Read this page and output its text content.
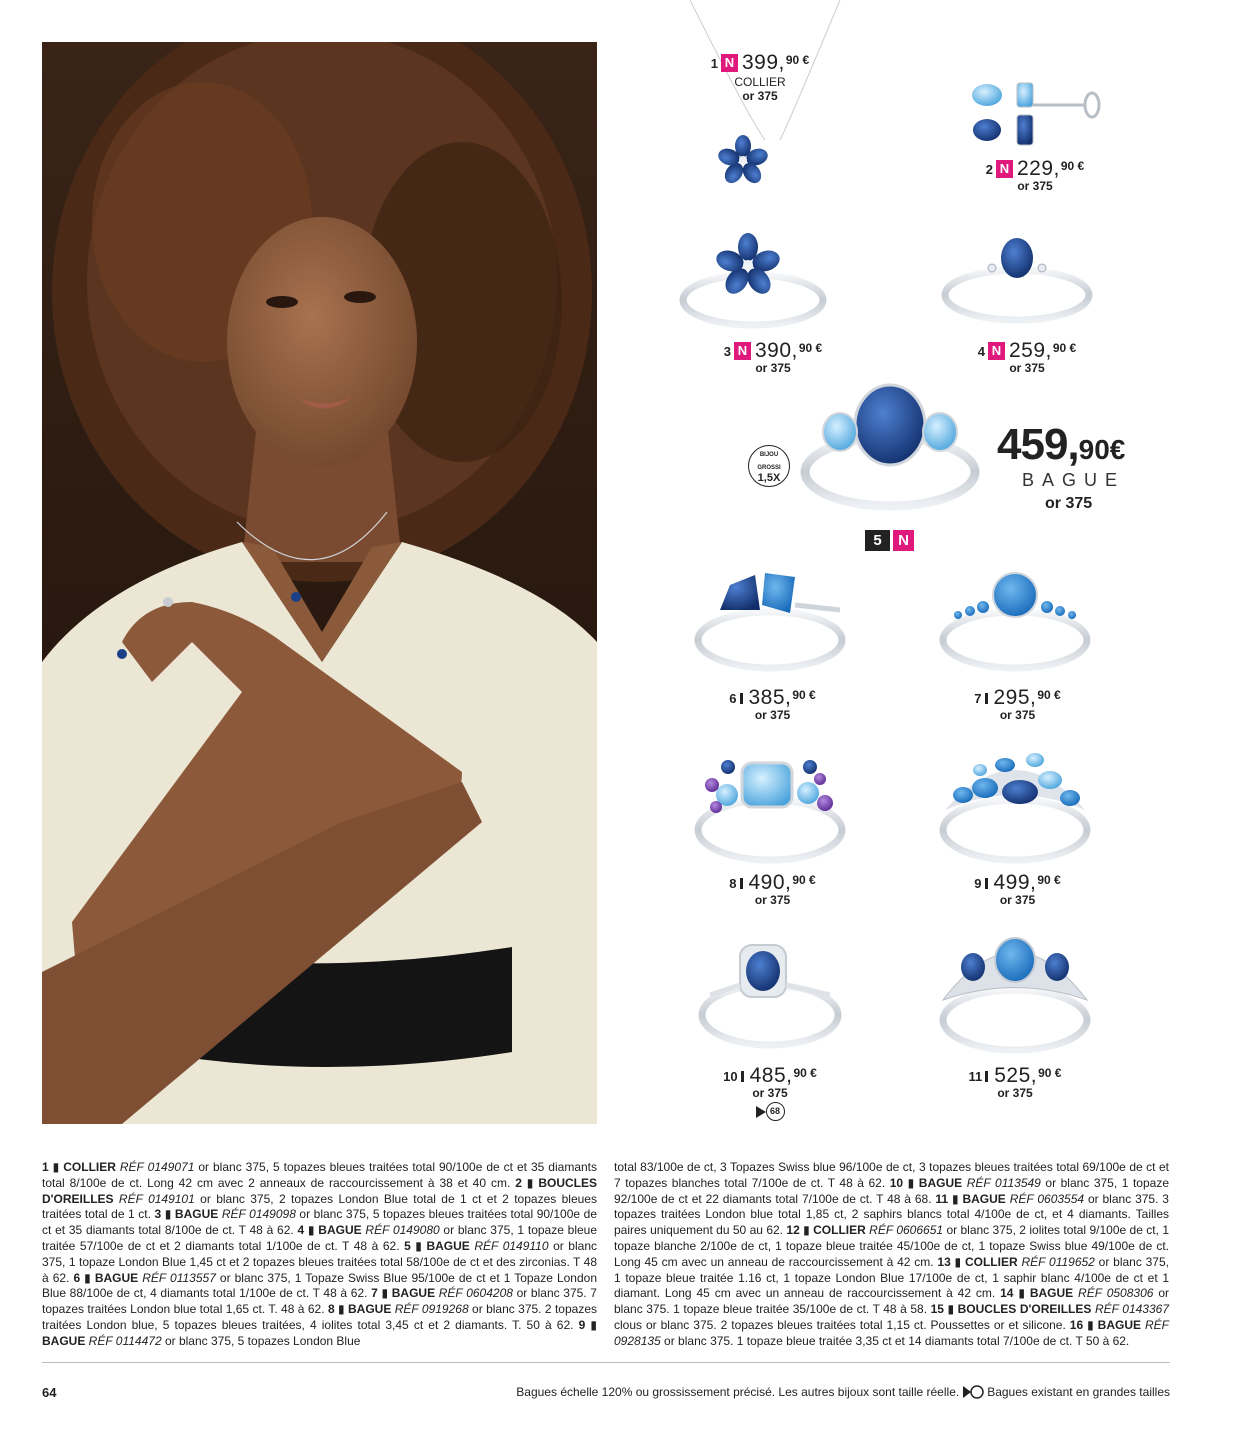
1 N 399, 90 €
COLLIER
or 375
2 N 229, 90 €
or 375
3 N 390, 90 €
or 375
4 N 259, 90 €
or 375
BIJOU
GROSSI
1,5X
459,90€
BAGUE
or 375
5	N
6 385, 90 €
or 375
7 295, 90 €
or 375
8 490, 90 €
or 375
9 499, 90 €
or 375
10 485, 90 €
or 375
68
11 525, 90 €
or 375
1 ▮ COLLIER RÉF 0149071 or blanc 375, 5 topazes bleues traitées total 90/100e de ct et 35 diamants total 8/100e de ct. Long 42 cm avec 2 anneaux de raccourcissement à 38 et 40 cm. 2 ▮ BOUCLES D'OREILLES RÉF 0149101 or blanc 375, 2 topazes London Blue total de 1 ct et 2 topazes bleues traitées total de 1 ct. 3 ▮ BAGUE RÉF 0149098 or blanc 375, 5 topazes bleues traitées total 90/100e de ct et 35 diamants total 8/100e de ct. T 48 à 62. 4 ▮ BAGUE RÉF 0149080 or blanc 375, 1 topaze bleue traitée 57/100e de ct et 2 diamants total 1/100e de ct. T 48 à 62. 5 ▮ BAGUE RÉF 0149110 or blanc 375, 1 topaze London Blue 1,45 ct et 2 topazes bleues traitées total 58/100e de ct et des zirconias. T 48 à 62. 6 ▮ BAGUE RÉF 0113557 or blanc 375, 1 Topaze Swiss Blue 95/100e de ct et 1 Topaze London Blue 88/100e de ct, 4 diamants total 1/100e de ct. T 48 à 62. 7 ▮ BAGUE RÉF 0604208 or blanc 375. 7 topazes traitées London blue total 1,65 ct. T. 48 à 62. 8 ▮ BAGUE RÉF 0919268 or blanc 375. 2 topazes traitées London blue, 5 topazes bleues traitées, 4 iolites total 3,45 ct et 2 diamants. T. 50 à 62. 9 ▮ BAGUE RÉF 0114472 or blanc 375, 5 topazes London Blue
total 83/100e de ct, 3 Topazes Swiss blue 96/100e de ct, 3 topazes bleues traitées total 69/100e de ct et 7 topazes blanches total 7/100e de ct. T 48 à 62. 10 ▮ BAGUE RÉF 0113549 or blanc 375, 1 topaze 92/100e de ct et 22 diamants total 7/100e de ct. T 48 à 68. 11 ▮ BAGUE RÉF 0603554 or blanc 375. 3 topazes traitées London blue total 1,85 ct, 2 saphirs blancs total 4/100e de ct, et 4 diamants. Tailles paires uniquement du 50 au 62. 12 ▮ COLLIER RÉF 0606651 or blanc 375, 2 iolites total 9/100e de ct, 1 topaze blanche 2/100e de ct, 1 topaze bleue traitée 45/100e de ct, 1 topaze Swiss blue 49/100e de ct. Long 45 cm avec un anneau de raccourcissement à 42 cm. 13 ▮ COLLIER RÉF 0119652 or blanc 375, 1 topaze bleue traitée 1.16 ct, 1 topaze London Blue 17/100e de ct, 1 saphir blanc 4/100e de ct et 1 diamant. Long 45 cm avec un anneau de raccourcissement à 42 cm. 14 ▮ BAGUE RÉF 0508306 or blanc 375. 1 topaze bleue traitée 35/100e de ct. T 48 à 58. 15 ▮ BOUCLES D'OREILLES RÉF 0143367 clous or blanc 375. 2 topazes bleues traitées total 1,15 ct. Poussettes or et silicone. 16 ▮ BAGUE RÉF 0928135 or blanc 375. 1 topaze bleue traitée 3,35 ct et 14 diamants total 7/100e de ct. T 50 à 62.
64	Bagues échelle 120% ou grossissement précisé. Les autres bijoux sont taille réelle. Bagues existant en grandes tailles
